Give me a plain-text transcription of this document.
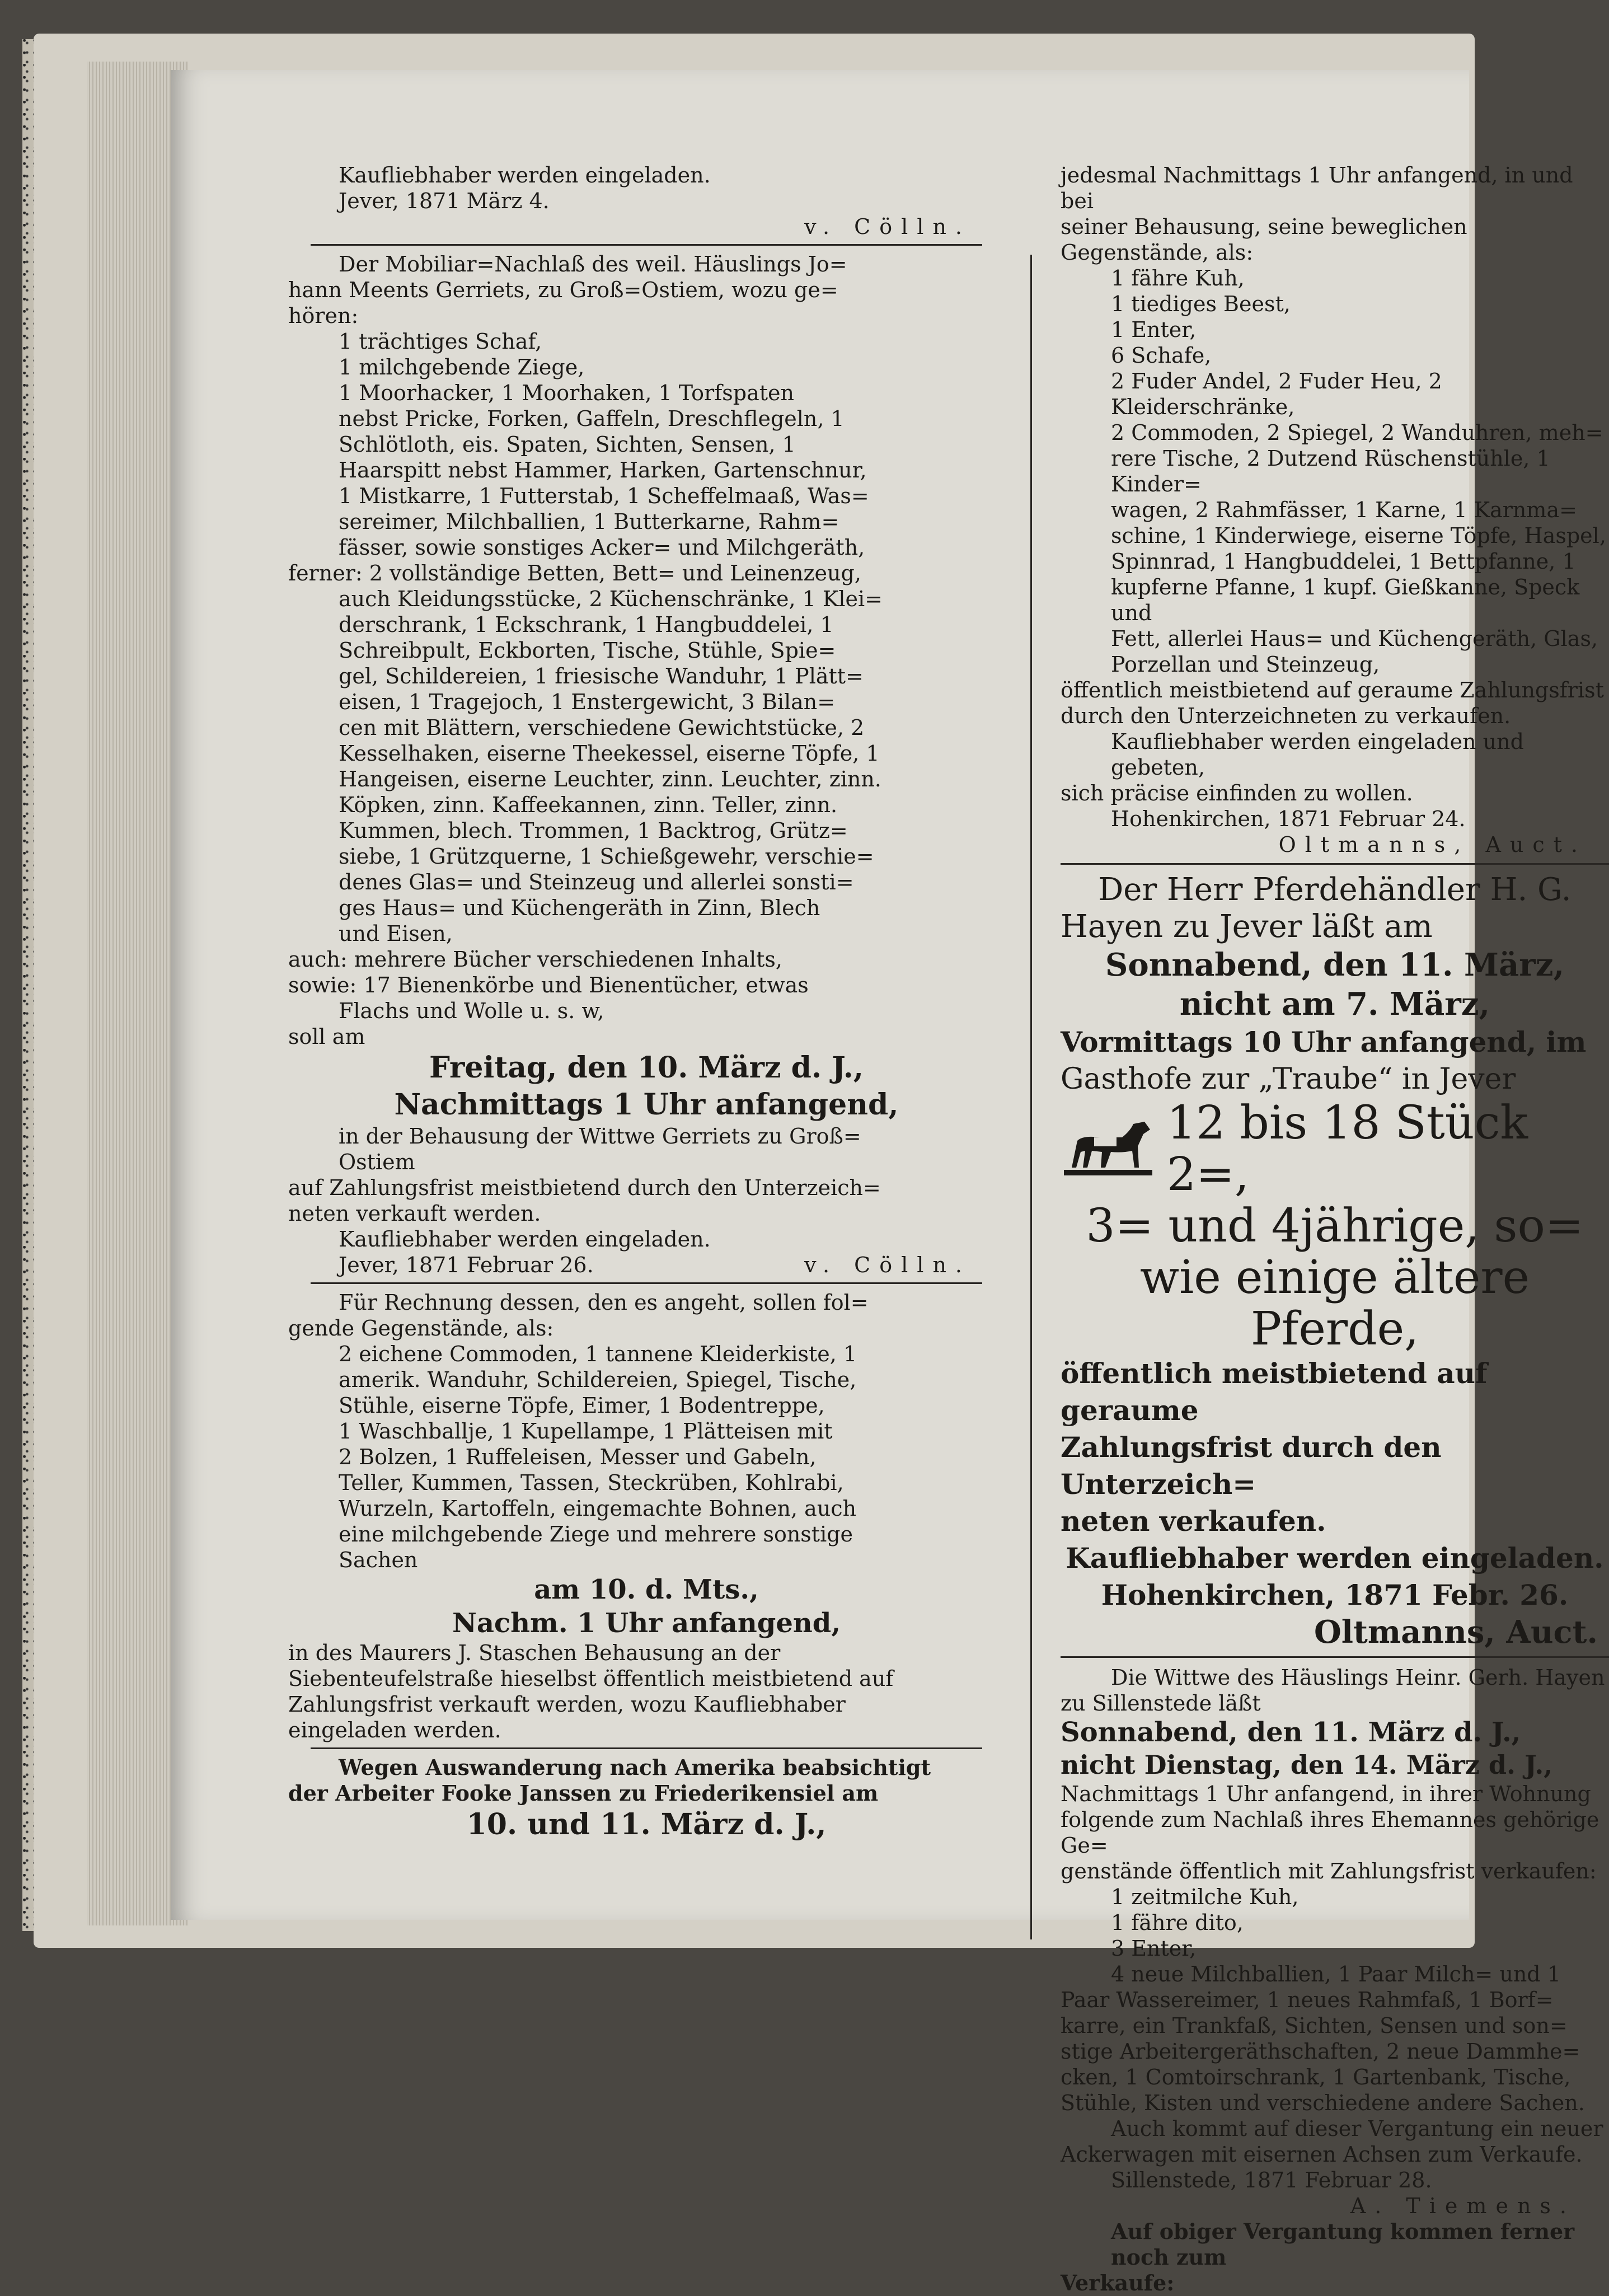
Kaufliebhaber werden eingeladen.

Jever, 1871 März 4.

v. Cölln.

Der Mobiliar=Nachlaß des weil. Häuslings Jo=

hann Meents Gerriets, zu Groß=Ostiem, wozu ge=

hören:

1 trächtiges Schaf,

1 milchgebende Ziege,

1 Moorhacker, 1 Moorhaken, 1 Torfspaten

nebst Pricke, Forken, Gaffeln, Dreschflegeln, 1

Schlötloth, eis. Spaten, Sichten, Sensen, 1

Haarspitt nebst Hammer, Harken, Gartenschnur,

1 Mistkarre, 1 Futterstab, 1 Scheffelmaaß, Was=

sereimer, Milchballien, 1 Butterkarne, Rahm=

fässer, sowie sonstiges Acker= und Milchgeräth,

ferner: 2 vollständige Betten, Bett= und Leinenzeug,

auch Kleidungsstücke, 2 Küchenschränke, 1 Klei=

derschrank, 1 Eckschrank, 1 Hangbuddelei, 1

Schreibpult, Eckborten, Tische, Stühle, Spie=

gel, Schildereien, 1 friesische Wanduhr, 1 Plätt=

eisen, 1 Tragejoch, 1 Enstergewicht, 3 Bilan=

cen mit Blättern, verschiedene Gewichtstücke, 2

Kesselhaken, eiserne Theekessel, eiserne Töpfe, 1

Hangeisen, eiserne Leuchter, zinn. Leuchter, zinn.

Köpken, zinn. Kaffeekannen, zinn. Teller, zinn.

Kummen, blech. Trommen, 1 Backtrog, Grütz=

siebe, 1 Grützquerne, 1 Schießgewehr, verschie=

denes Glas= und Steinzeug und allerlei sonsti=

ges Haus= und Küchengeräth in Zinn, Blech

und Eisen,

auch: mehrere Bücher verschiedenen Inhalts,

sowie: 17 Bienenkörbe und Bienentücher, etwas

Flachs und Wolle u. s. w,

soll am

Freitag, den 10. März d. J.,

Nachmittags 1 Uhr anfangend,

in der Behausung der Wittwe Gerriets zu Groß=

Ostiem

auf Zahlungsfrist meistbietend durch den Unterzeich=

neten verkauft werden.

Kaufliebhaber werden eingeladen.

Jever, 1871 Februar 26.	v. Cölln.

Für Rechnung dessen, den es angeht, sollen fol=

gende Gegenstände, als:

2 eichene Commoden, 1 tannene Kleiderkiste, 1

amerik. Wanduhr, Schildereien, Spiegel, Tische,

Stühle, eiserne Töpfe, Eimer, 1 Bodentreppe,

1 Waschballje, 1 Kupellampe, 1 Plätteisen mit

2 Bolzen, 1 Ruffeleisen, Messer und Gabeln,

Teller, Kummen, Tassen, Steckrüben, Kohlrabi,

Wurzeln, Kartoffeln, eingemachte Bohnen, auch

eine milchgebende Ziege und mehrere sonstige

Sachen

am 10. d. Mts.,

Nachm. 1 Uhr anfangend,

in des Maurers J. Staschen Behausung an der

Siebenteufelstraße hieselbst öffentlich meistbietend auf

Zahlungsfrist verkauft werden, wozu Kaufliebhaber

eingeladen werden.

Wegen Auswanderung nach Amerika beabsichtigt

der Arbeiter Fooke Janssen zu Friederikensiel am

10. und 11. März d. J.,

jedesmal Nachmittags 1 Uhr anfangend, in und bei

seiner Behausung, seine beweglichen Gegenstände, als:

1 fähre Kuh,

1 tiediges Beest,

1 Enter,

6 Schafe,

2 Fuder Andel, 2 Fuder Heu, 2 Kleiderschränke,

2 Commoden, 2 Spiegel, 2 Wanduhren, meh=

rere Tische, 2 Dutzend Rüschenstühle, 1 Kinder=

wagen, 2 Rahmfässer, 1 Karne, 1 Karnma=

schine, 1 Kinderwiege, eiserne Töpfe, Haspel,

Spinnrad, 1 Hangbuddelei, 1 Bettpfanne, 1

kupferne Pfanne, 1 kupf. Gießkanne, Speck und

Fett, allerlei Haus= und Küchengeräth, Glas,

Porzellan und Steinzeug,

öffentlich meistbietend auf geraume Zahlungsfrist

durch den Unterzeichneten zu verkaufen.

Kaufliebhaber werden eingeladen und gebeten,

sich präcise einfinden zu wollen.

Hohenkirchen, 1871 Februar 24.

Oltmanns, Auct.

Der Herr Pferdehändler H. G.

Hayen zu Jever läßt am

Sonnabend, den 11. März,

nicht am 7. März,

Vormittags 10 Uhr anfangend, im

Gasthofe zur „Traube“ in Jever

12 bis 18 Stück 2=,

3= und 4jährige, so=

wie einige ältere Pferde,

öffentlich meistbietend auf geraume

Zahlungsfrist durch den Unterzeich=

neten verkaufen.

Kaufliebhaber werden eingeladen.

Hohenkirchen, 1871 Febr. 26.

Oltmanns, Auct.

Die Wittwe des Häuslings Heinr. Gerh. Hayen

zu Sillenstede läßt

Sonnabend, den 11. März d. J.,

nicht Dienstag, den 14. März d. J.,

Nachmittags 1 Uhr anfangend, in ihrer Wohnung

folgende zum Nachlaß ihres Ehemannes gehörige Ge=

genstände öffentlich mit Zahlungsfrist verkaufen:

1 zeitmilche Kuh,

1 fähre dito,

3 Enter,

4 neue Milchballien, 1 Paar Milch= und 1

Paar Wassereimer, 1 neues Rahmfaß, 1 Borf=

karre, ein Trankfaß, Sichten, Sensen und son=

stige Arbeitergeräthschaften, 2 neue Dammhe=

cken, 1 Comtoirschrank, 1 Gartenbank, Tische,

Stühle, Kisten und verschiedene andere Sachen.

Auch kommt auf dieser Vergantung ein neuer

Ackerwagen mit eisernen Achsen zum Verkaufe.

Sillenstede, 1871 Februar 28.

A. Tiemens.

Auf obiger Vergantung kommen ferner noch zum

Verkaufe:
